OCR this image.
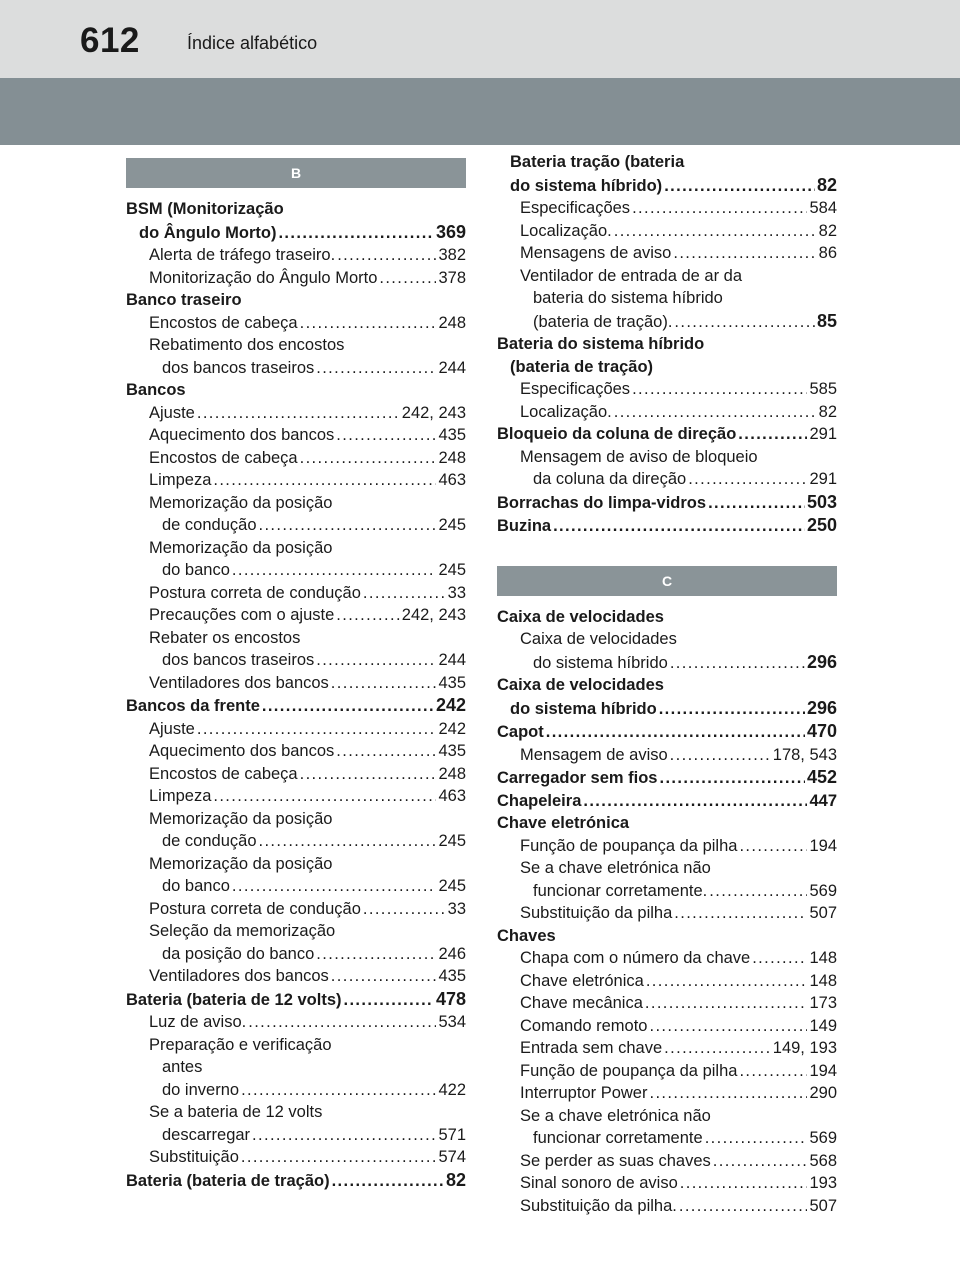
612	Índice alfabético
B
BSM (Monitorização
do Ângulo Morto) . . .	369
Alerta de tráfego traseiro. . . .	382
Monitorização do Ângulo Morto . . .	378
Banco traseiro
Encostos de cabeça . . .	248
Rebatimento dos encostos
dos bancos traseiros . . .	244
Bancos
Ajuste . . .	242, 243
Aquecimento dos bancos . . .	435
Encostos de cabeça . . .	248
Limpeza . . .	463
Memorização da posição
de condução . . .	245
Memorização da posição
do banco . . .	245
Postura correta de condução . . .	33
Precauções com o ajuste . . .	242, 243
Rebater os encostos
dos bancos traseiros . . .	244
Ventiladores dos bancos . . .	435
Bancos da frente . . .	242
Ajuste . . .	242
Aquecimento dos bancos . . .	435
Encostos de cabeça . . .	248
Limpeza . . .	463
Memorização da posição
de condução . . .	245
Memorização da posição
do banco . . .	245
Postura correta de condução . . .	33
Seleção da memorização
da posição do banco . . .	246
Ventiladores dos bancos . . .	435
Bateria (bateria de 12 volts) . . .	478
Luz de aviso. . . .	534
Preparação e verificação
antes
do inverno . . .	422
Se a bateria de 12 volts
descarregar . . .	571
Substituição . . .	574
Bateria (bateria de tração) . . .	82
Bateria tração (bateria
do sistema híbrido) . . .	82
Especificações . . .	584
Localização. . . .	82
Mensagens de aviso . . .	86
Ventilador de entrada de ar da
bateria do sistema híbrido
(bateria de tração). . . .	85
Bateria do sistema híbrido
(bateria de tração)
Especificações . . .	585
Localização. . . .	82
Bloqueio da coluna de direção . . .	291
Mensagem de aviso de bloqueio
da coluna da direção . . .	291
Borrachas do limpa-vidros . . .	503
Buzina . . .	250
C
Caixa de velocidades
Caixa de velocidades
do sistema híbrido . . .	296
Caixa de velocidades
do sistema híbrido . . .	296
Capot . . .	470
Mensagem de aviso . . .	178, 543
Carregador sem fios . . .	452
Chapeleira . . .	447
Chave eletrónica
Função de poupança da pilha . . .	194
Se a chave eletrónica não
funcionar corretamente. . . .	569
Substituição da pilha . . .	507
Chaves
Chapa com o número da chave . . .	148
Chave eletrónica . . .	148
Chave mecânica . . .	173
Comando remoto . . .	149
Entrada sem chave . . .	149, 193
Função de poupança da pilha . . .	194
Interruptor Power . . .	290
Se a chave eletrónica não
funcionar corretamente . . .	569
Se perder as suas chaves . . .	568
Sinal sonoro de aviso . . .	193
Substituição da pilha. . . .	507
